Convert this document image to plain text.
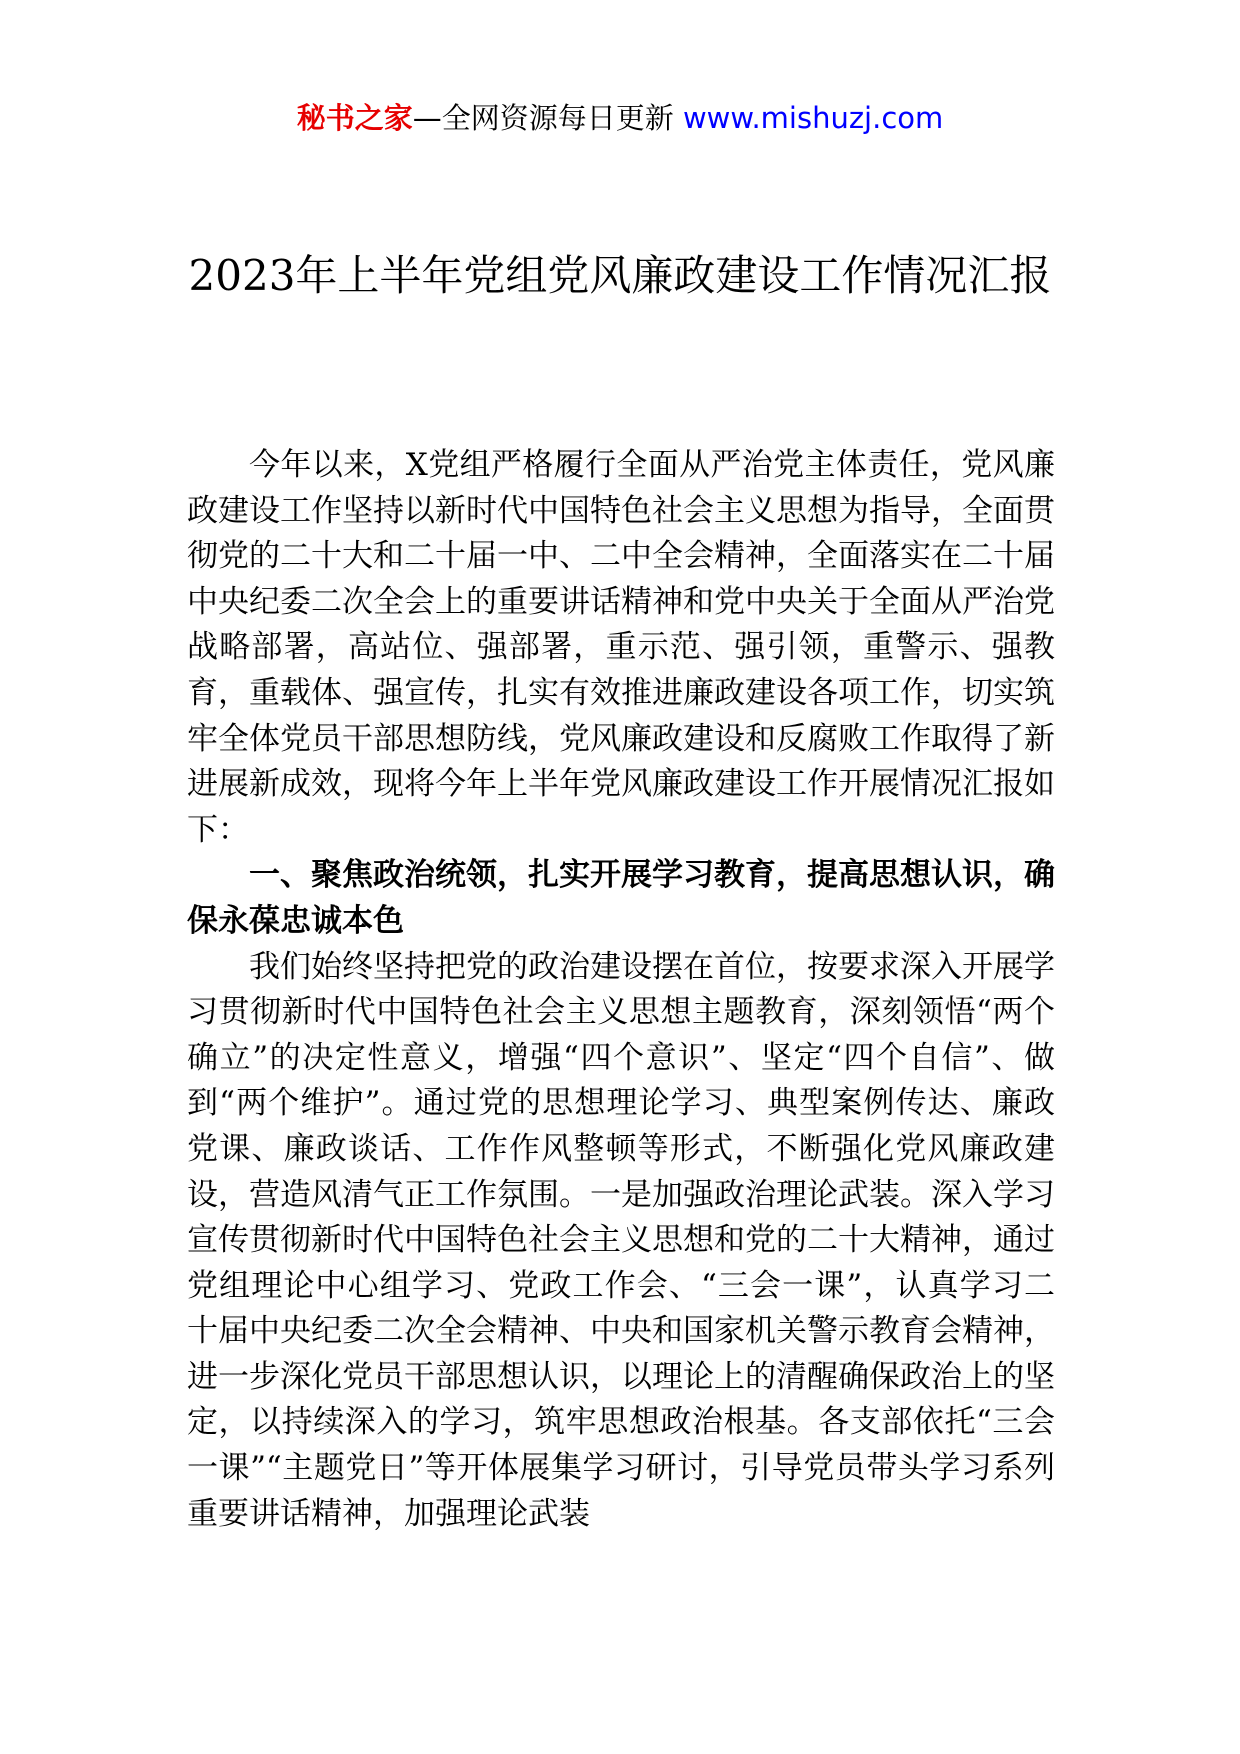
秘书之家—全网资源每日更新 www.mishuzj.com
2023年上半年党组党风廉政建设工作情况汇报

今年以来，X党组严格履行全面从严治党主体责任，党风廉政建设工作坚持以新时代中国特色社会主义思想为指导，全面贯彻党的二十大和二十届一中、二中全会精神，全面落实在二十届中央纪委二次全会上的重要讲话精神和党中央关于全面从严治党战略部署，高站位、强部署，重示范、强引领，重警示、强教育，重载体、强宣传，扎实有效推进廉政建设各项工作，切实筑牢全体党员干部思想防线，党风廉政建设和反腐败工作取得了新进展新成效，现将今年上半年党风廉政建设工作开展情况汇报如下：

一、聚焦政治统领，扎实开展学习教育，提高思想认识，确保永葆忠诚本色

我们始终坚持把党的政治建设摆在首位，按要求深入开展学习贯彻新时代中国特色社会主义思想主题教育，深刻领悟“两个确立”的决定性意义，增强“四个意识”、坚定“四个自信”、做到“两个维护”。通过党的思想理论学习、典型案例传达、廉政党课、廉政谈话、工作作风整顿等形式，不断强化党风廉政建设，营造风清气正工作氛围。一是加强政治理论武装。深入学习宣传贯彻新时代中国特色社会主义思想和党的二十大精神，通过党组理论中心组学习、党政工作会、“三会一课”，认真学习二十届中央纪委二次全会精神、中央和国家机关警示教育会精神，进一步深化党员干部思想认识，以理论上的清醒确保政治上的坚定，以持续深入的学习，筑牢思想政治根基。各支部依托“三会一课”“主题党日”等开体展集学习研讨，引导党员带头学习系列重要讲话精神，加强理论武装
